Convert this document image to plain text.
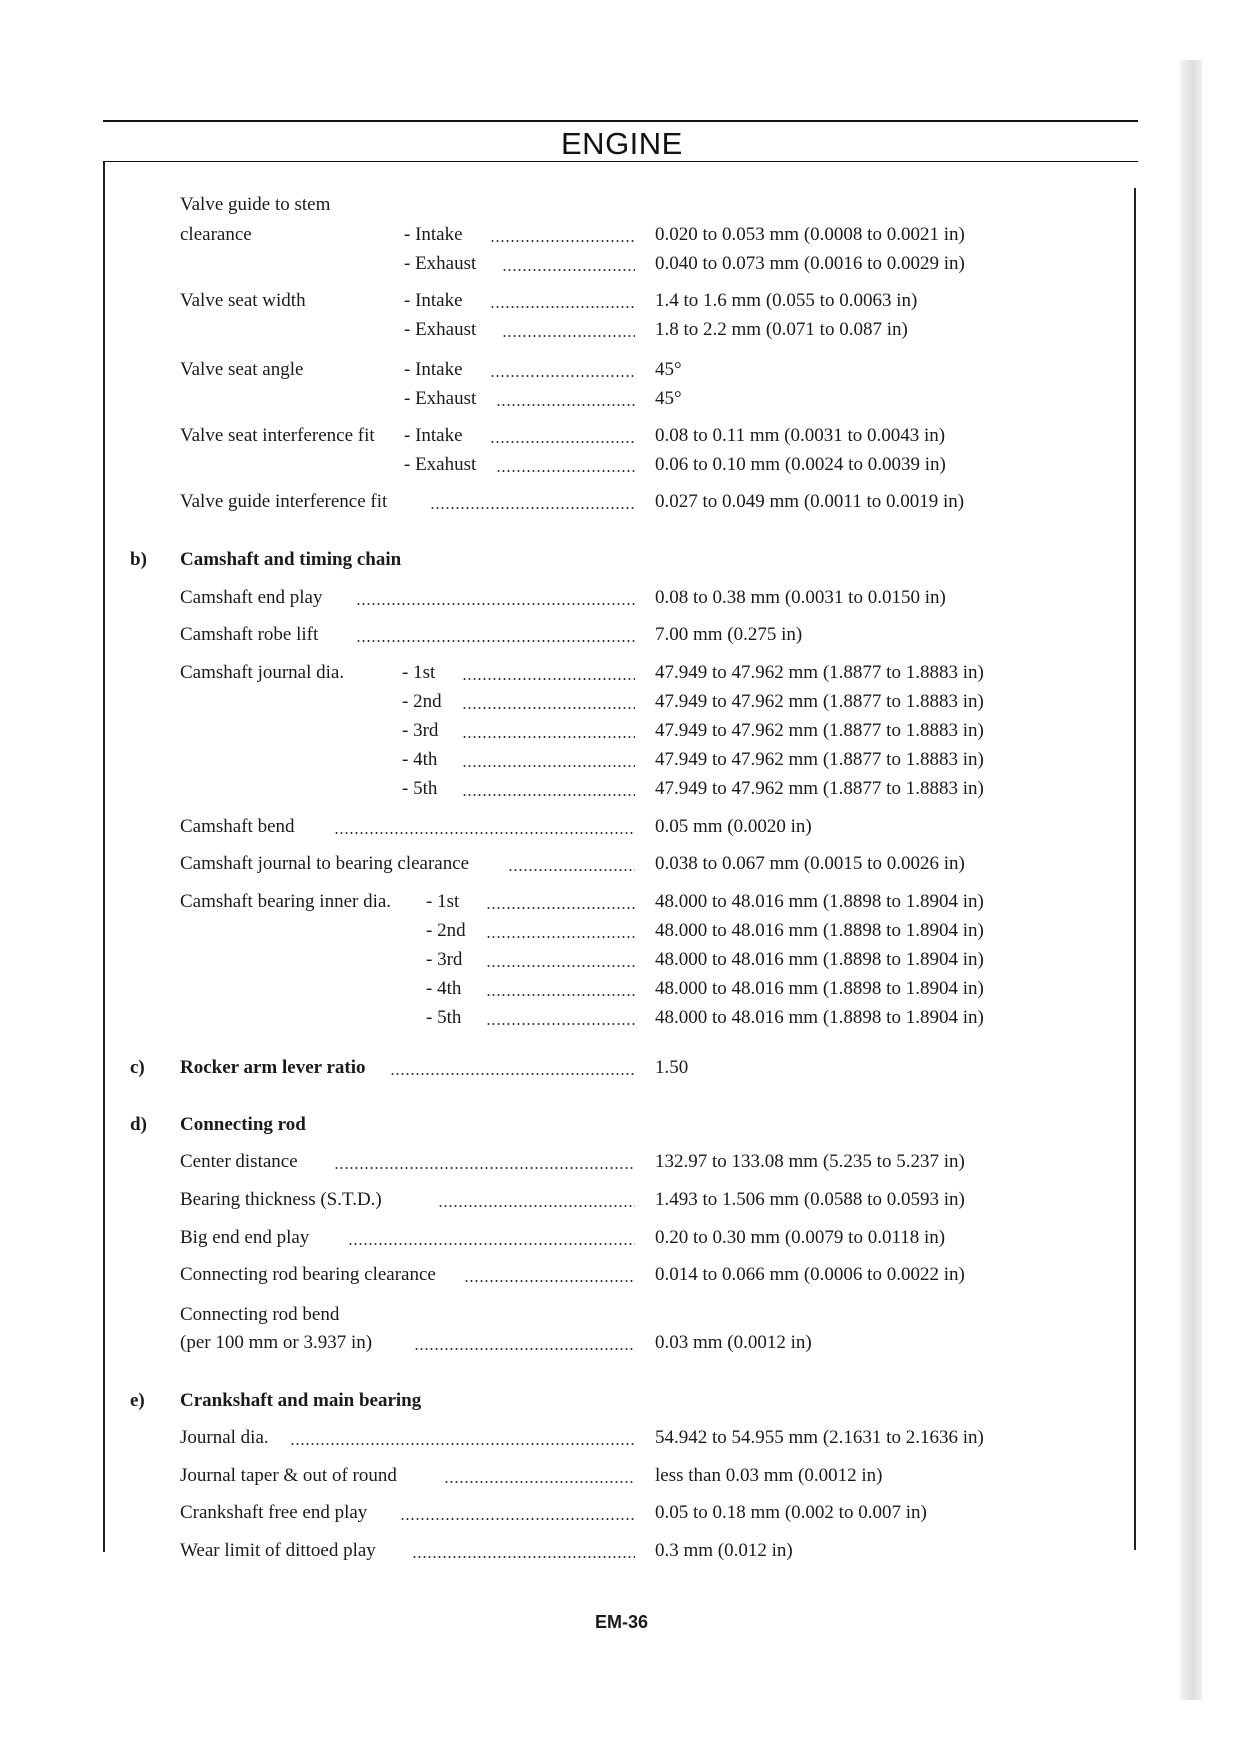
ENGINE
Valve guide to stem
clearance	- Intake	0.020 to 0.053 mm (0.0008 to 0.0021 in)
- Exhaust	0.040 to 0.073 mm (0.0016 to 0.0029 in)
Valve seat width	- Intake	1.4 to 1.6 mm (0.055 to 0.0063 in)
- Exhaust	1.8 to 2.2 mm (0.071 to 0.087 in)
Valve seat angle	- Intake	45°
- Exhaust	45°
Valve seat interference fit - Intake	0.08 to 0.11 mm (0.0031 to 0.0043 in)
- Exahust	0.06 to 0.10 mm (0.0024 to 0.0039 in)
Valve guide interference fit	0.027 to 0.049 mm (0.0011 to 0.0019 in)
b) Camshaft and timing chain
Camshaft end play	0.08 to 0.38 mm (0.0031 to 0.0150 in)
Camshaft robe lift	7.00 mm (0.275 in)
Camshaft journal dia.	- 1st	47.949 to 47.962 mm (1.8877 to 1.8883 in)
- 2nd	47.949 to 47.962 mm (1.8877 to 1.8883 in)
- 3rd	47.949 to 47.962 mm (1.8877 to 1.8883 in)
- 4th	47.949 to 47.962 mm (1.8877 to 1.8883 in)
- 5th	47.949 to 47.962 mm (1.8877 to 1.8883 in)
Camshaft bend	0.05 mm (0.0020 in)
Camshaft journal to bearing clearance	0.038 to 0.067 mm (0.0015 to 0.0026 in)
Camshaft bearing inner dia. - 1st	48.000 to 48.016 mm (1.8898 to 1.8904 in)
- 2nd	48.000 to 48.016 mm (1.8898 to 1.8904 in)
- 3rd	48.000 to 48.016 mm (1.8898 to 1.8904 in)
- 4th	48.000 to 48.016 mm (1.8898 to 1.8904 in)
- 5th	48.000 to 48.016 mm (1.8898 to 1.8904 in)
c) Rocker arm lever ratio	1.50
d) Connecting rod
Center distance	132.97 to 133.08 mm (5.235 to 5.237 in)
Bearing thickness (S.T.D.)	1.493 to 1.506 mm (0.0588 to 0.0593 in)
Big end end play	0.20 to 0.30 mm (0.0079 to 0.0118 in)
Connecting rod bearing clearance	0.014 to 0.066 mm (0.0006 to 0.0022 in)
Connecting rod bend
(per 100 mm or 3.937 in)	0.03 mm (0.0012 in)
e) Crankshaft and main bearing
Journal dia.	54.942 to 54.955 mm (2.1631 to 2.1636 in)
Journal taper & out of round	less than 0.03 mm (0.0012 in)
Crankshaft free end play	0.05 to 0.18 mm (0.002 to 0.007 in)
Wear limit of dittoed play	0.3 mm (0.012 in)
EM-36
